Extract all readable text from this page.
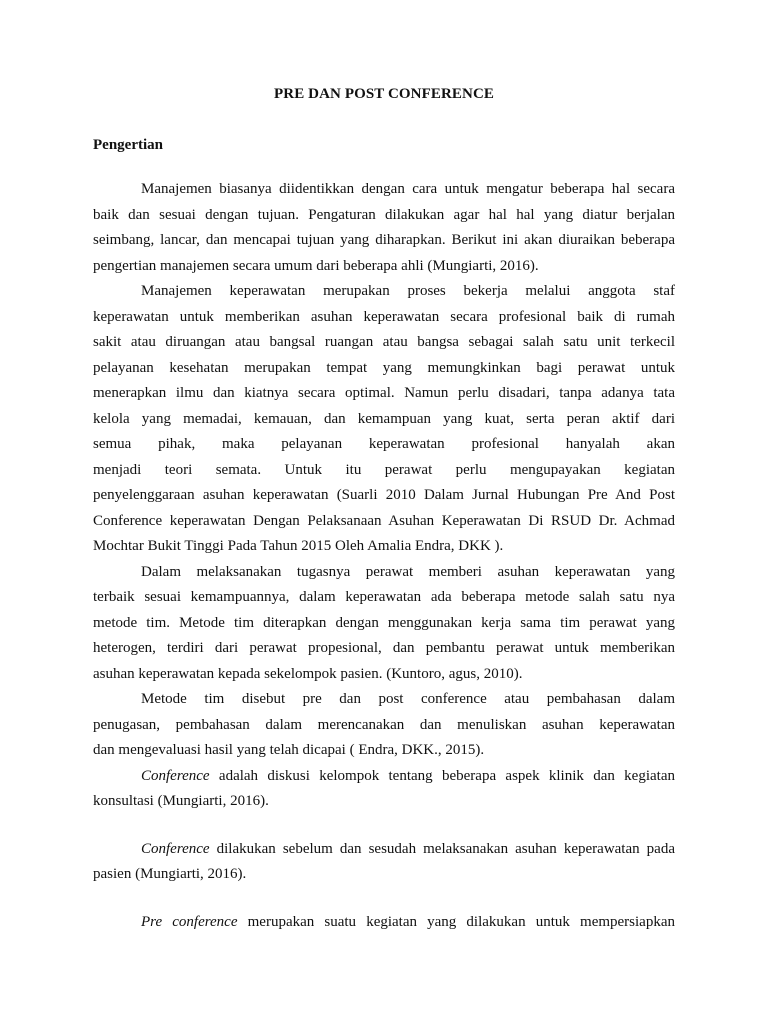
PRE DAN POST CONFERENCE
Pengertian

Manajemen biasanya diidentikkan dengan cara untuk mengatur beberapa hal secara
baik dan sesuai dengan tujuan. Pengaturan dilakukan agar hal hal yang diatur berjalan
seimbang, lancar, dan mencapai tujuan yang diharapkan. Berikut ini akan diuraikan beberapa
pengertian manajemen secara umum dari beberapa ahli (Mungiarti, 2016).

Manajemen keperawatan merupakan proses bekerja melalui anggota staf
keperawatan untuk memberikan asuhan keperawatan secara profesional baik di rumah
sakit atau diruangan atau bangsal ruangan atau bangsa sebagai salah satu unit terkecil
pelayanan kesehatan merupakan tempat yang memungkinkan bagi perawat untuk
menerapkan ilmu dan kiatnya secara optimal. Namun perlu disadari, tanpa adanya tata
kelola yang memadai, kemauan, dan kemampuan yang kuat, serta peran aktif dari
semua pihak, maka pelayanan keperawatan profesional hanyalah akan
menjadi teori semata. Untuk itu perawat perlu mengupayakan kegiatan
penyelenggaraan asuhan keperawatan (Suarli 2010 Dalam Jurnal Hubungan Pre And Post
Conference keperawatan Dengan Pelaksanaan Asuhan Keperawatan Di RSUD Dr. Achmad
Mochtar Bukit Tinggi Pada Tahun 2015 Oleh Amalia Endra, DKK ).

Dalam melaksanakan tugasnya perawat memberi asuhan keperawatan yang
terbaik sesuai kemampuannya, dalam keperawatan ada beberapa metode salah satu nya
metode tim. Metode tim diterapkan dengan menggunakan kerja sama tim perawat yang
heterogen, terdiri dari perawat propesional, dan pembantu perawat untuk memberikan
asuhan keperawatan kepada sekelompok pasien. (Kuntoro, agus, 2010).

Metode tim disebut pre dan post conference atau pembahasan dalam
penugasan, pembahasan dalam merencanakan dan menuliskan asuhan keperawatan
dan mengevaluasi hasil yang telah dicapai ( Endra, DKK., 2015).

Conference adalah diskusi kelompok tentang beberapa aspek klinik dan kegiatan
konsultasi (Mungiarti, 2016).

Conference dilakukan sebelum dan sesudah melaksanakan asuhan keperawatan pada
pasien (Mungiarti, 2016).

Pre conference merupakan suatu kegiatan yang dilakukan untuk mempersiapkan
